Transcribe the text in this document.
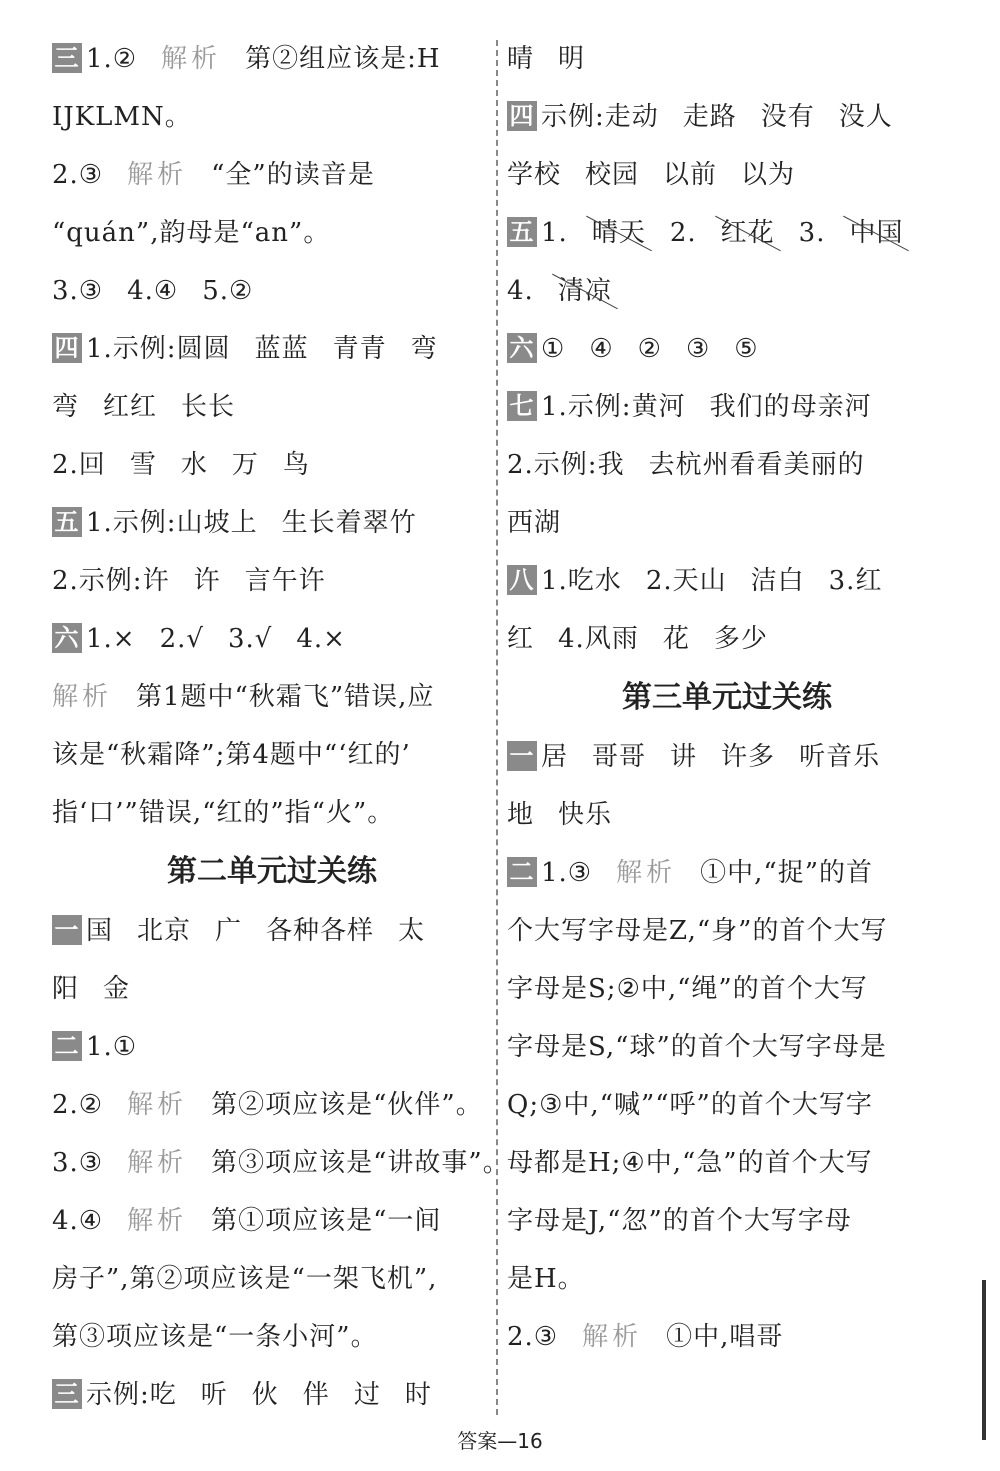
三 1.② 解析 第②组应该是:H
IJKLMN。
2.③ 解析 “全”的读音是
“quán”,韵母是“an”。
3.③ 4.④ 5.②
四 1.示例:圆圆 蓝蓝 青青 弯
弯 红红 长长
2.回 雪 水 万 鸟
五 1.示例:山坡上 生长着翠竹
2.示例:许 许 言午许
六 1.× 2.√ 3.√ 4.×
解析 第1题中“秋霜飞”错误,应
该是“秋霜降”;第4题中“‘红的’
指‘口’”错误,“红的”指“火”。
第二单元过关练
一 国 北京 广 各种各样 太
阳 金
二 1.①
2.② 解析 第②项应该是“伙伴”。
3.③ 解析 第③项应该是“讲故事”。
4.④ 解析 第①项应该是“一间
房子”,第②项应该是“一架飞机”,
第③项应该是“一条小河”。
三 示例:吃 听 伙 伴 过 时
晴 明
四 示例:走动 走路 没有 没人
学校 校园 以前 以为
五 1. 晴天 2. 红花 3. 中国
4. 清凉
六 ① ④ ② ③ ⑤
七 1.示例:黄河 我们的母亲河
2.示例:我 去杭州看看美丽的
西湖
八 1.吃水 2.天山 洁白 3.红
红 4.风雨 花 多少
第三单元过关练
一 居 哥哥 讲 许多 听音乐
地 快乐
二 1.③ 解析 ①中,“捉”的首
个大写字母是Z,“身”的首个大写
字母是S;②中,“绳”的首个大写
字母是S,“球”的首个大写字母是
Q;③中,“喊”“呼”的首个大写字
母都是H;④中,“急”的首个大写
字母是J,“忽”的首个大写字母
是H。
2.③ 解析 ①中,唱哥
答案—16
